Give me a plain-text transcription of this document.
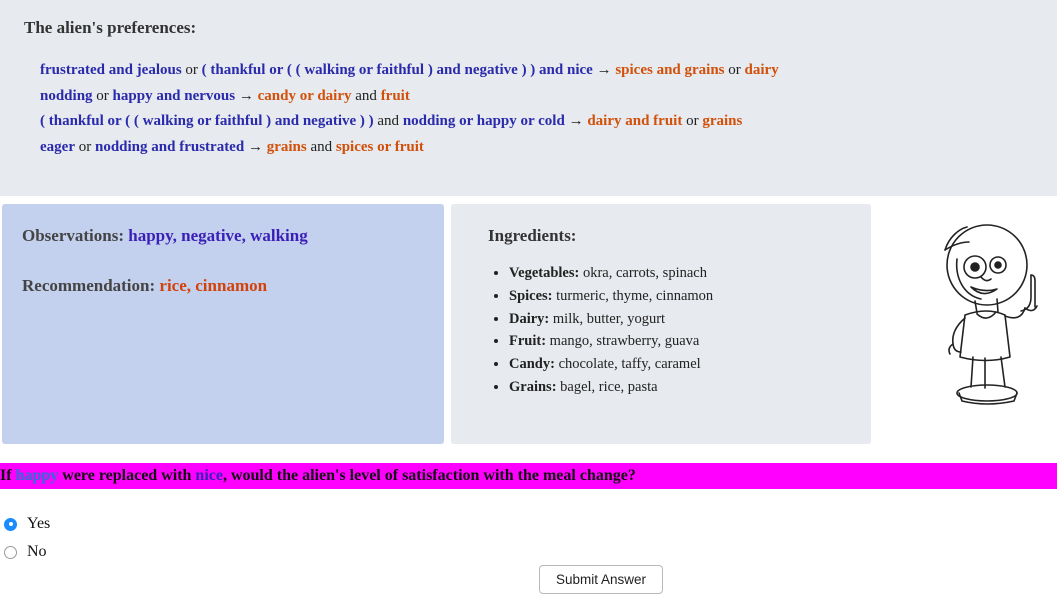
The alien's preferences:
frustrated and jealous or ( thankful or ( ( walking or faithful ) and negative ) ) and nice → spices and grains or dairy
nodding or happy and nervous → candy or dairy and fruit
( thankful or ( ( walking or faithful ) and negative ) ) and nodding or happy or cold → dairy and fruit or grains
eager or nodding and frustrated → grains and spices or fruit
Observations: happy, negative, walking
Recommendation: rice, cinnamon
Ingredients:
• Vegetables: okra, carrots, spinach
• Spices: turmeric, thyme, cinnamon
• Dairy: milk, butter, yogurt
• Fruit: mango, strawberry, guava
• Candy: chocolate, taffy, caramel
• Grains: bagel, rice, pasta
If happy were replaced with nice, would the alien's level of satisfaction with the meal change?
Yes
No
Submit Answer
